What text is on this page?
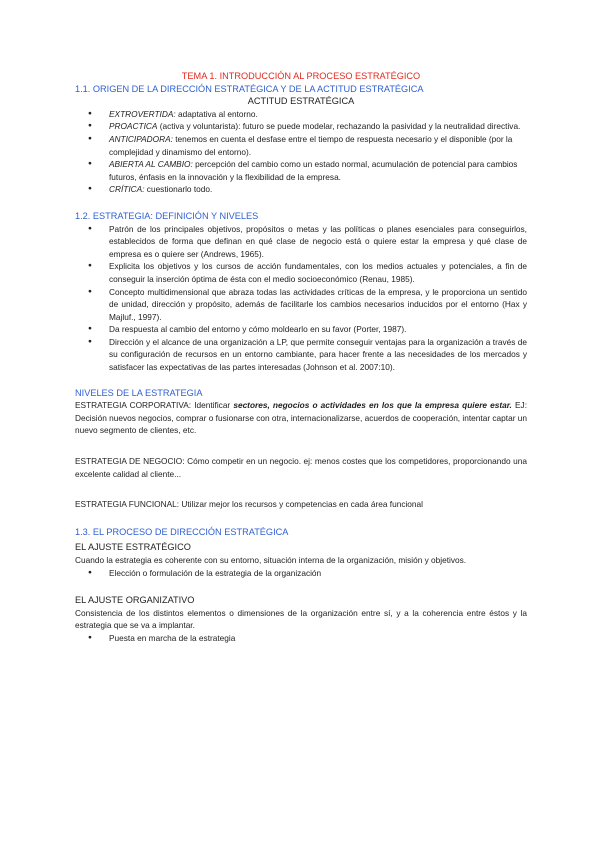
TEMA 1. INTRODUCCIÓN AL PROCESO ESTRATÉGICO

1.1. ORIGEN DE LA DIRECCIÓN ESTRATÉGICA Y DE LA ACTITUD ESTRATÉGICA

ACTITUD ESTRATÉGICA

● EXTROVERTIDA: adaptativa al entorno.
● PROACTICA (activa y voluntarista): futuro se puede modelar, rechazando la pasividad y la neutralidad directiva.
● ANTICIPADORA: tenemos en cuenta el desfase entre el tiempo de respuesta necesario y el disponible (por la complejidad y dinamismo del entorno).
● ABIERTA AL CAMBIO: percepción del cambio como un estado normal, acumulación de potencial para cambios futuros, énfasis en la innovación y la flexibilidad de la empresa.
● CRÍTICA: cuestionarlo todo.

1.2. ESTRATEGIA: DEFINICIÓN Y NIVELES

● Patrón de los principales objetivos, propósitos o metas y las políticas o planes esenciales para conseguirlos, establecidos de forma que definan en qué clase de negocio está o quiere estar la empresa y qué clase de empresa es o quiere ser (Andrews, 1965).
● Explicita los objetivos y los cursos de acción fundamentales, con los medios actuales y potenciales, a fin de conseguir la inserción óptima de ésta con el medio socioeconómico (Renau, 1985).
● Concepto multidimensional que abraza todas las actividades críticas de la empresa, y le proporciona un sentido de unidad, dirección y propósito, además de facilitarle los cambios necesarios inducidos por el entorno (Hax y Majluf., 1997).
● Da respuesta al cambio del entorno y cómo moldearlo en su favor (Porter, 1987).
● Dirección y el alcance de una organización a LP, que permite conseguir ventajas para la organización a través de su configuración de recursos en un entorno cambiante, para hacer frente a las necesidades de los mercados y satisfacer las expectativas de las partes interesadas (Johnson et al. 2007:10).

NIVELES DE LA ESTRATEGIA

ESTRATEGIA CORPORATIVA: Identificar sectores, negocios o actividades en los que la empresa quiere estar. EJ: Decisión nuevos negocios, comprar o fusionarse con otra, internacionalizarse, acuerdos de cooperación, intentar captar un nuevo segmento de clientes, etc.

ESTRATEGIA DE NEGOCIO: Cómo competir en un negocio. ej: menos costes que los competidores, proporcionando una excelente calidad al cliente...

ESTRATEGIA FUNCIONAL: Utilizar mejor los recursos y competencias en cada área funcional

1.3. EL PROCESO DE DIRECCIÓN ESTRATÉGICA

EL AJUSTE ESTRATÉGICO

Cuando la estrategia es coherente con su entorno, situación interna de la organización, misión y objetivos.

● Elección o formulación de la estrategia de la organización

EL AJUSTE ORGANIZATIVO

Consistencia de los distintos elementos o dimensiones de la organización entre sí, y a la coherencia entre éstos y la estrategia que se va a implantar.

● Puesta en marcha de la estrategia
